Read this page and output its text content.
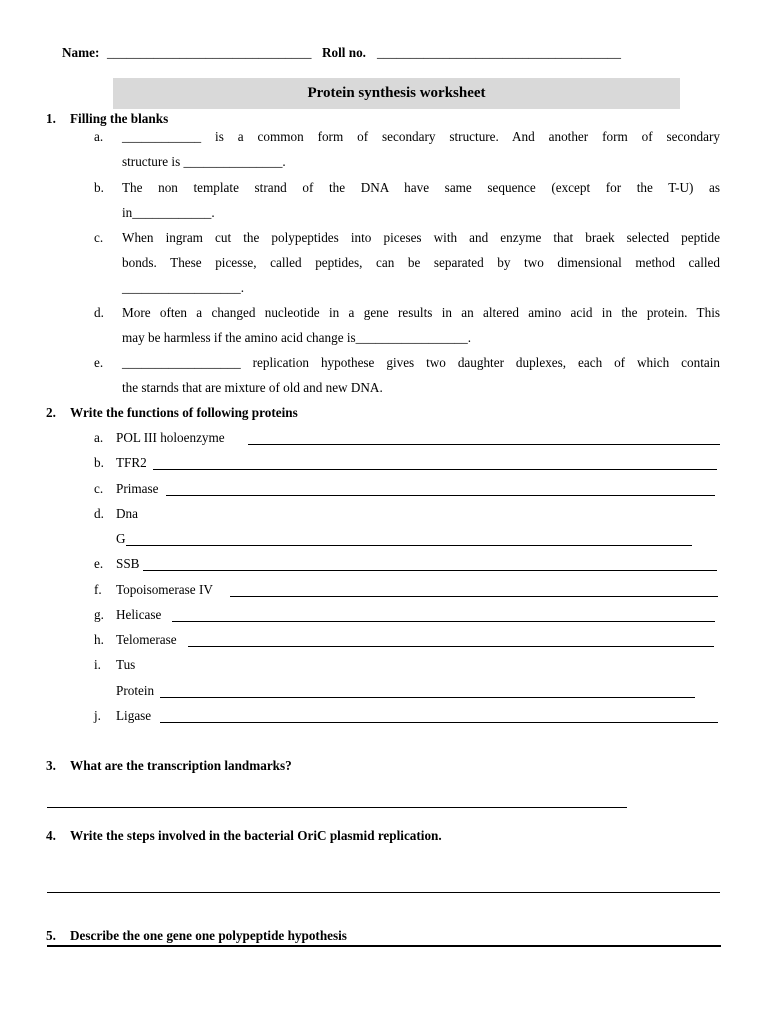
Name: _______________________________ Roll no. _____________________________________
Protein synthesis worksheet
1. Filling the blanks
a. ____________ is a common form of secondary structure. And another form of secondary
structure is _______________.
b. The non template strand of the DNA have same sequence (except for the T-U) as
in____________.
c. When ingram cut the polypeptides into piceses with and enzyme that braek selected peptide
bonds. These picesse, called peptides, can be separated by two dimensional method called
__________________.
d. More often a changed nucleotide in a gene results in an altered amino acid in the protein. This
may be harmless if the amino acid change is_________________.
e. __________________ replication hypothese gives two daughter duplexes, each of which contain
the starnds that are mixture of old and new DNA.
2. Write the functions of following proteins
a. POL III holoenzyme
b. TFR2
c. Primase
d. Dna
G
e. SSB
f. Topoisomerase IV
g. Helicase
h. Telomerase
i. Tus
Protein
j. Ligase
3. What are the transcription landmarks?
4. Write the steps involved in the bacterial OriC plasmid replication.
5. Describe the one gene one polypeptide hypothesis
